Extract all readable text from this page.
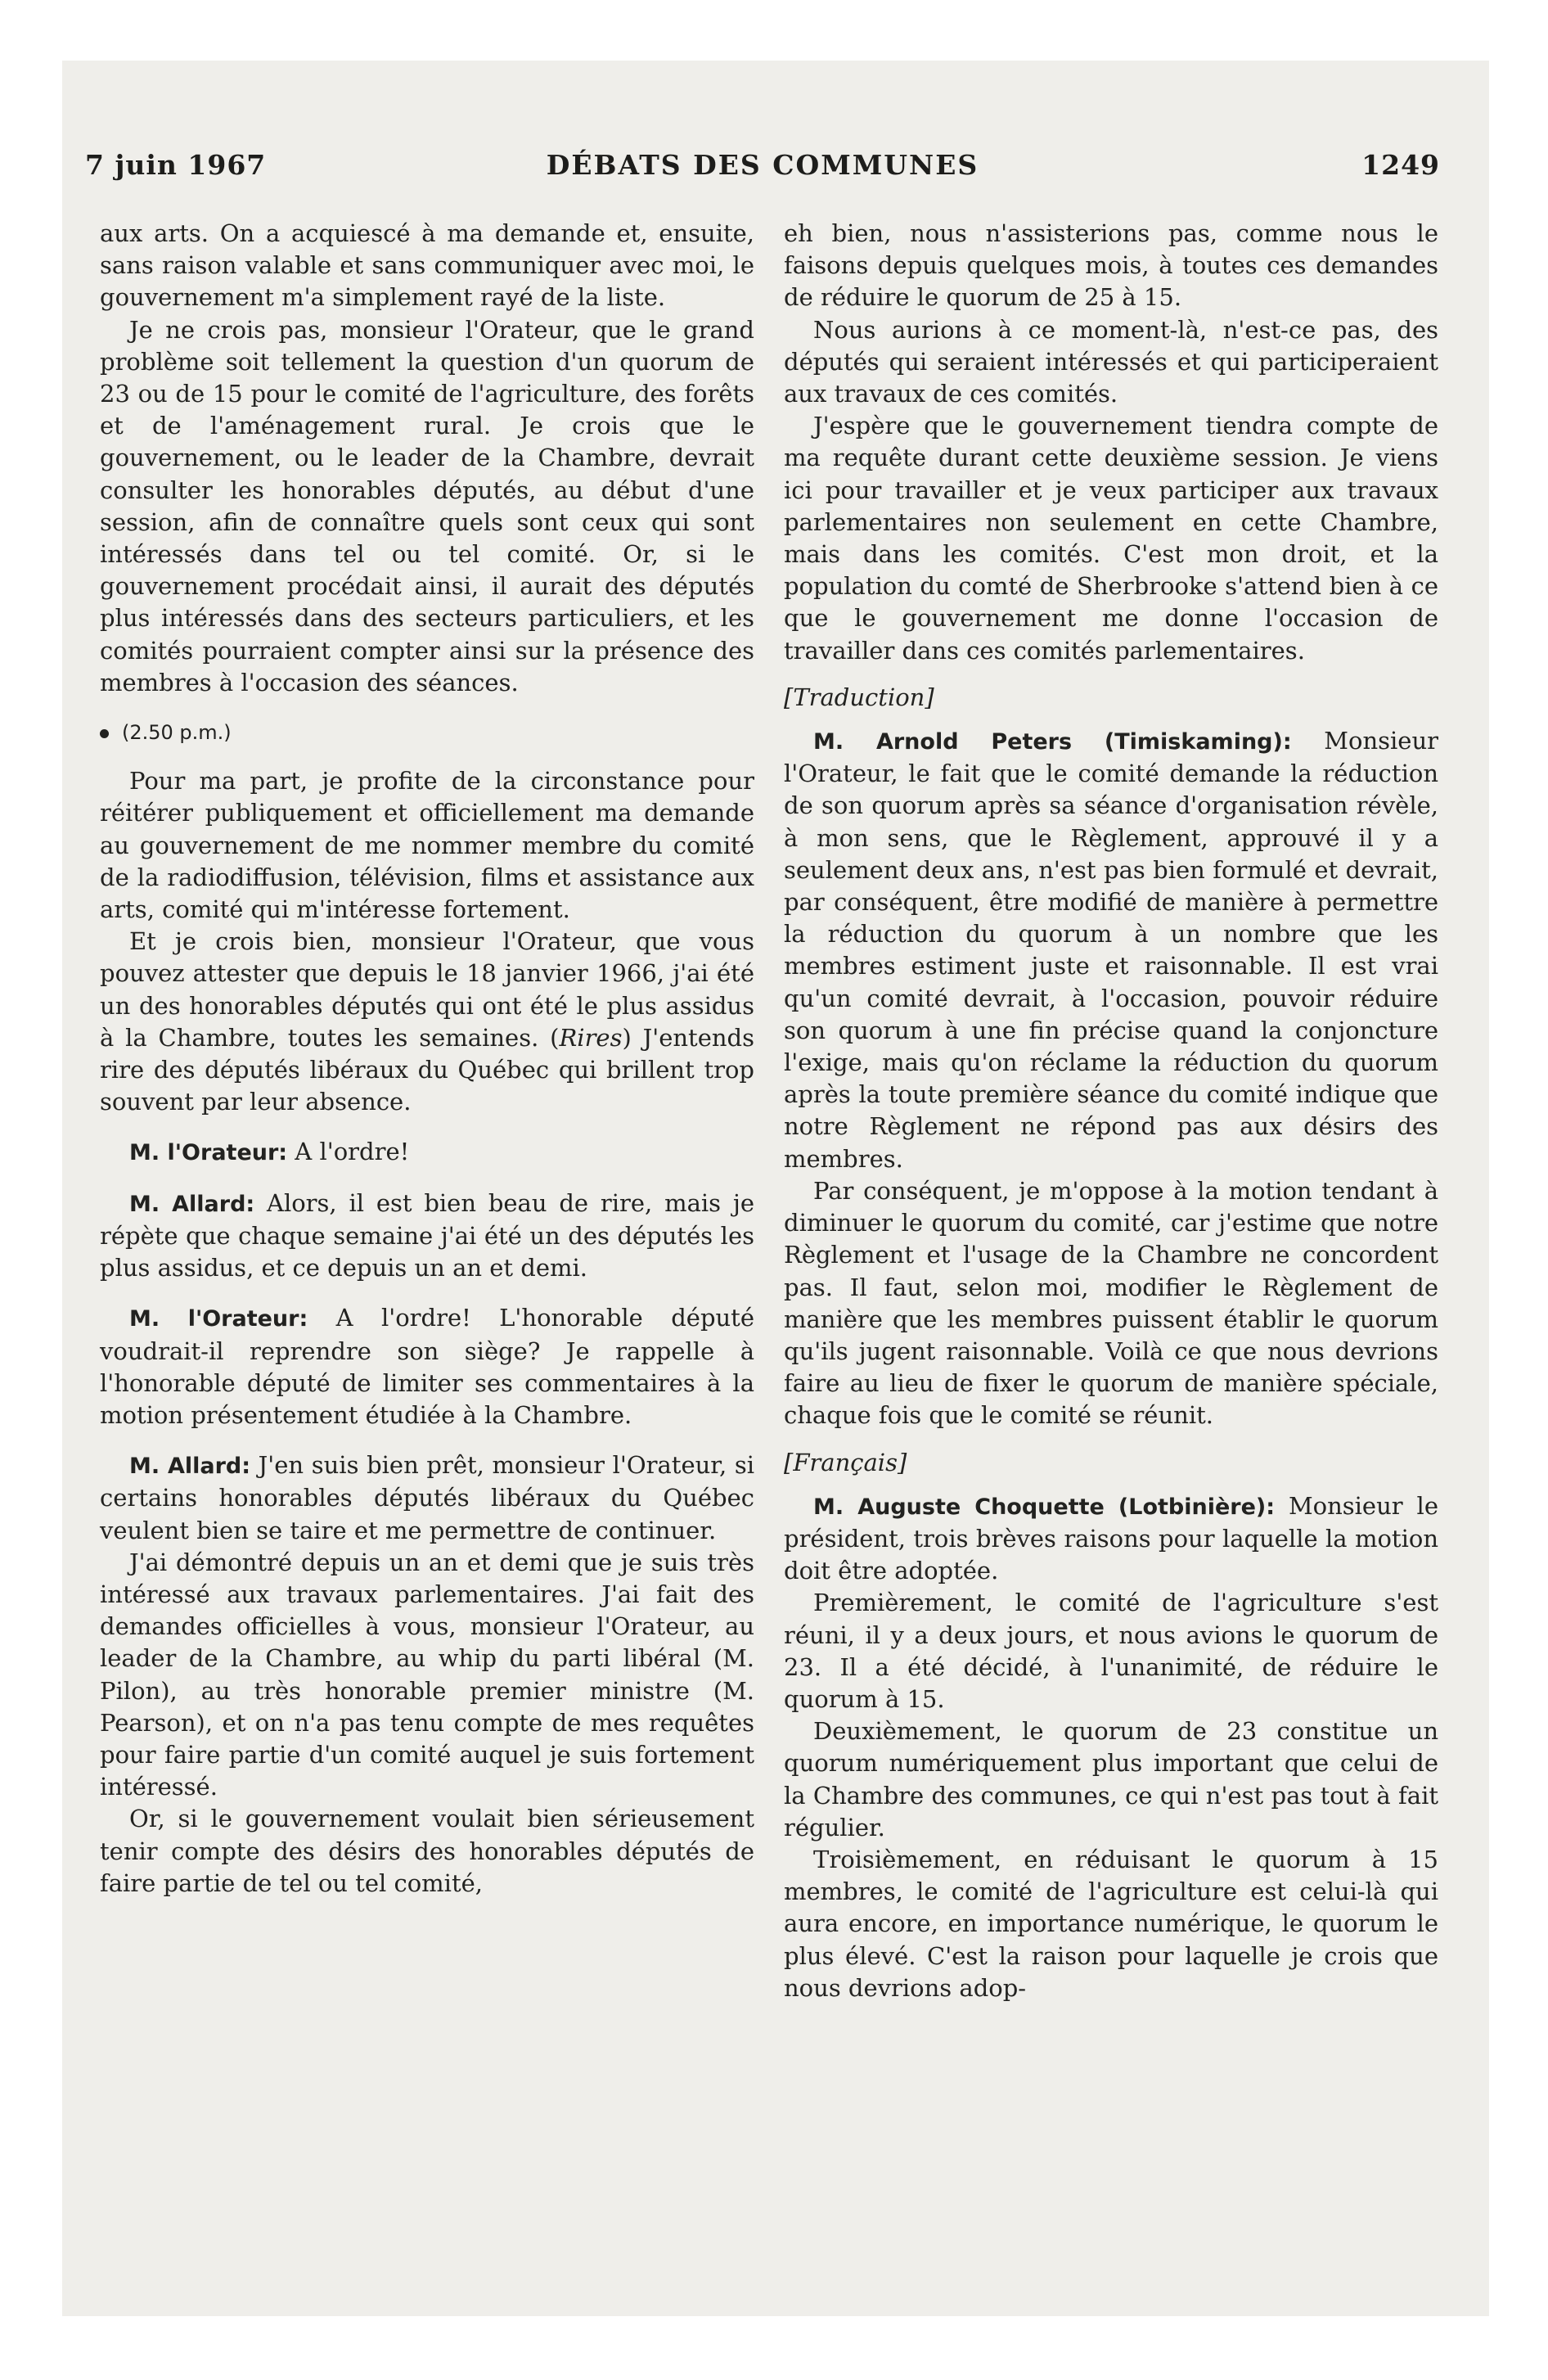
7 juin 1967	DÉBATS DES COMMUNES	1249

aux arts. On a acquiescé à ma demande et, ensuite, sans raison valable et sans communiquer avec moi, le gouvernement m'a simplement rayé de la liste.

Je ne crois pas, monsieur l'Orateur, que le grand problème soit tellement la question d'un quorum de 23 ou de 15 pour le comité de l'agriculture, des forêts et de l'aménagement rural. Je crois que le gouvernement, ou le leader de la Chambre, devrait consulter les honorables députés, au début d'une session, afin de connaître quels sont ceux qui sont intéressés dans tel ou tel comité. Or, si le gouvernement procédait ainsi, il aurait des députés plus intéressés dans des secteurs particuliers, et les comités pourraient compter ainsi sur la présence des membres à l'occasion des séances.

(2.50 p.m.)

Pour ma part, je profite de la circonstance pour réitérer publiquement et officiellement ma demande au gouvernement de me nommer membre du comité de la radiodiffusion, télévision, films et assistance aux arts, comité qui m'intéresse fortement.

Et je crois bien, monsieur l'Orateur, que vous pouvez attester que depuis le 18 janvier 1966, j'ai été un des honorables députés qui ont été le plus assidus à la Chambre, toutes les semaines. (Rires) J'entends rire des députés libéraux du Québec qui brillent trop souvent par leur absence.

M. l'Orateur: A l'ordre!

M. Allard: Alors, il est bien beau de rire, mais je répète que chaque semaine j'ai été un des députés les plus assidus, et ce depuis un an et demi.

M. l'Orateur: A l'ordre! L'honorable député voudrait-il reprendre son siège? Je rappelle à l'honorable député de limiter ses commentaires à la motion présentement étudiée à la Chambre.

M. Allard: J'en suis bien prêt, monsieur l'Orateur, si certains honorables députés libéraux du Québec veulent bien se taire et me permettre de continuer.

J'ai démontré depuis un an et demi que je suis très intéressé aux travaux parlementaires. J'ai fait des demandes officielles à vous, monsieur l'Orateur, au leader de la Chambre, au whip du parti libéral (M. Pilon), au très honorable premier ministre (M. Pearson), et on n'a pas tenu compte de mes requêtes pour faire partie d'un comité auquel je suis fortement intéressé.

Or, si le gouvernement voulait bien sérieusement tenir compte des désirs des honorables députés de faire partie de tel ou tel comité,

eh bien, nous n'assisterions pas, comme nous le faisons depuis quelques mois, à toutes ces demandes de réduire le quorum de 25 à 15.

Nous aurions à ce moment-là, n'est-ce pas, des députés qui seraient intéressés et qui participeraient aux travaux de ces comités.

J'espère que le gouvernement tiendra compte de ma requête durant cette deuxième session. Je viens ici pour travailler et je veux participer aux travaux parlementaires non seulement en cette Chambre, mais dans les comités. C'est mon droit, et la population du comté de Sherbrooke s'attend bien à ce que le gouvernement me donne l'occasion de travailler dans ces comités parlementaires.

[Traduction]

M. Arnold Peters (Timiskaming): Monsieur l'Orateur, le fait que le comité demande la réduction de son quorum après sa séance d'organisation révèle, à mon sens, que le Règlement, approuvé il y a seulement deux ans, n'est pas bien formulé et devrait, par conséquent, être modifié de manière à permettre la réduction du quorum à un nombre que les membres estiment juste et raisonnable. Il est vrai qu'un comité devrait, à l'occasion, pouvoir réduire son quorum à une fin précise quand la conjoncture l'exige, mais qu'on réclame la réduction du quorum après la toute première séance du comité indique que notre Règlement ne répond pas aux désirs des membres.

Par conséquent, je m'oppose à la motion tendant à diminuer le quorum du comité, car j'estime que notre Règlement et l'usage de la Chambre ne concordent pas. Il faut, selon moi, modifier le Règlement de manière que les membres puissent établir le quorum qu'ils jugent raisonnable. Voilà ce que nous devrions faire au lieu de fixer le quorum de manière spéciale, chaque fois que le comité se réunit.

[Français]

M. Auguste Choquette (Lotbinière): Monsieur le président, trois brèves raisons pour laquelle la motion doit être adoptée.

Premièrement, le comité de l'agriculture s'est réuni, il y a deux jours, et nous avions le quorum de 23. Il a été décidé, à l'unanimité, de réduire le quorum à 15.

Deuxièmement, le quorum de 23 constitue un quorum numériquement plus important que celui de la Chambre des communes, ce qui n'est pas tout à fait régulier.

Troisièmement, en réduisant le quorum à 15 membres, le comité de l'agriculture est celui-là qui aura encore, en importance numérique, le quorum le plus élevé. C'est la raison pour laquelle je crois que nous devrions adop-
